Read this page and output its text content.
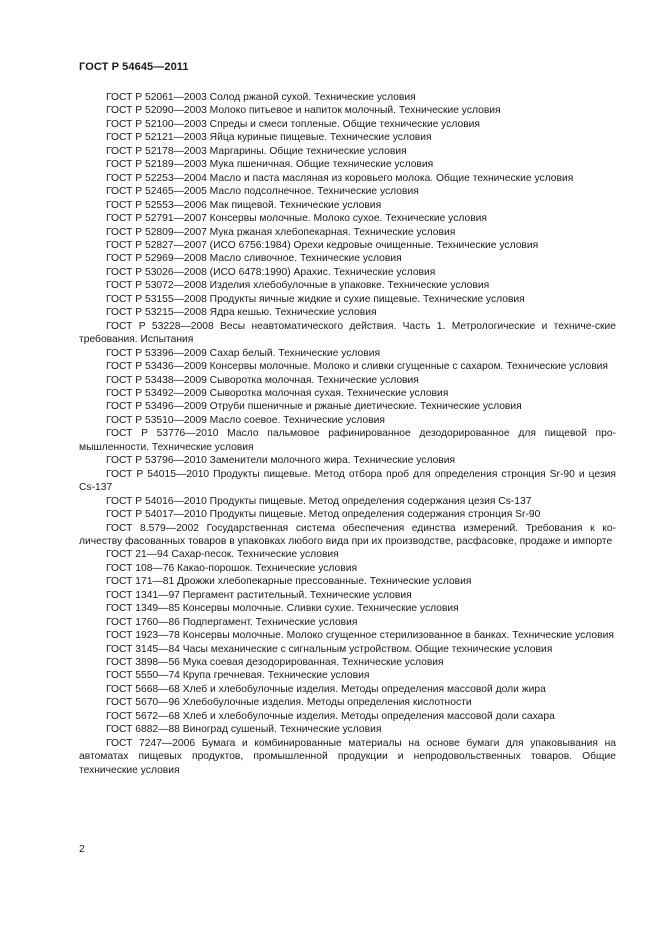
ГОСТ Р 54645—2011

ГОСТ Р 52061—2003 Солод ржаной сухой. Технические условия

ГОСТ Р 52090—2003 Молоко питьевое и напиток молочный. Технические условия

ГОСТ Р 52100—2003 Спреды и смеси топленые. Общие технические условия

ГОСТ Р 52121—2003 Яйца куриные пищевые. Технические условия

ГОСТ Р 52178—2003 Маргарины. Общие технические условия

ГОСТ Р 52189—2003 Мука пшеничная. Общие технические условия

ГОСТ Р 52253—2004 Масло и паста масляная из коровьего молока. Общие технические условия

ГОСТ Р 52465—2005 Масло подсолнечное. Технические условия

ГОСТ Р 52553—2006 Мак пищевой. Технические условия

ГОСТ Р 52791—2007 Консервы молочные. Молоко сухое. Технические условия

ГОСТ Р 52809—2007 Мука ржаная хлебопекарная. Технические условия

ГОСТ Р 52827—2007 (ИСО 6756:1984) Орехи кедровые очищенные. Технические условия

ГОСТ Р 52969—2008 Масло сливочное. Технические условия

ГОСТ Р 53026—2008 (ИСО 6478:1990) Арахис. Технические условия

ГОСТ Р 53072—2008 Изделия хлебобулочные в упаковке. Технические условия

ГОСТ Р 53155—2008 Продукты яичные жидкие и сухие пищевые. Технические условия

ГОСТ Р 53215—2008 Ядра кешью. Технические условия

ГОСТ Р 53228—2008 Весы неавтоматического действия. Часть 1. Метрологические и техниче-ские требования. Испытания

ГОСТ Р 53396—2009 Сахар белый. Технические условия

ГОСТ Р 53436—2009 Консервы молочные. Молоко и сливки сгущенные с сахаром. Технические условия

ГОСТ Р 53438—2009 Сыворотка молочная. Технические условия

ГОСТ Р 53492—2009 Сыворотка молочная сухая. Технические условия

ГОСТ Р 53496—2009 Отруби пшеничные и ржаные диетические. Технические условия

ГОСТ Р 53510—2009 Масло соевое. Технические условия

ГОСТ Р 53776—2010 Масло пальмовое рафинированное дезодорированное для пищевой про-мышленности. Технические условия

ГОСТ Р 53796—2010 Заменители молочного жира. Технические условия

ГОСТ Р 54015—2010 Продукты пищевые. Метод отбора проб для определения стронция Sr-90 и цезия Cs-137

ГОСТ Р 54016—2010 Продукты пищевые. Метод определения содержания цезия Cs-137

ГОСТ Р 54017—2010 Продукты пищевые. Метод определения содержания стронция Sr-90

ГОСТ 8.579—2002 Государственная система обеспечения единства измерений. Требования к ко-личеству фасованных товаров в упаковках любого вида при их производстве, расфасовке, продаже и импорте

ГОСТ 21—94 Сахар-песок. Технические условия

ГОСТ 108—76 Какао-порошок. Технические условия

ГОСТ 171—81 Дрожжи хлебопекарные прессованные. Технические условия

ГОСТ 1341—97 Пергамент растительный. Технические условия

ГОСТ 1349—85 Консервы молочные. Сливки сухие. Технические условия

ГОСТ 1760—86 Подпергамент. Технические условия

ГОСТ 1923—78 Консервы молочные. Молоко сгущенное стерилизованное в банках. Технические условия

ГОСТ 3145—84 Часы механические с сигнальным устройством. Общие технические условия

ГОСТ 3898—56 Мука соевая дезодорированная. Технические условия

ГОСТ 5550—74 Крупа гречневая. Технические условия

ГОСТ 5668—68 Хлеб и хлебобулочные изделия. Методы определения массовой доли жира

ГОСТ 5670—96 Хлебобулочные изделия. Методы определения кислотности

ГОСТ 5672—68 Хлеб и хлебобулочные изделия. Методы определения массовой доли сахара

ГОСТ 6882—88 Виноград сушеный. Технические условия

ГОСТ 7247—2006 Бумага и комбинированные материалы на основе бумаги для упаковывания на автоматах пищевых продуктов, промышленной продукции и непродовольственных товаров. Общие технические условия

2
